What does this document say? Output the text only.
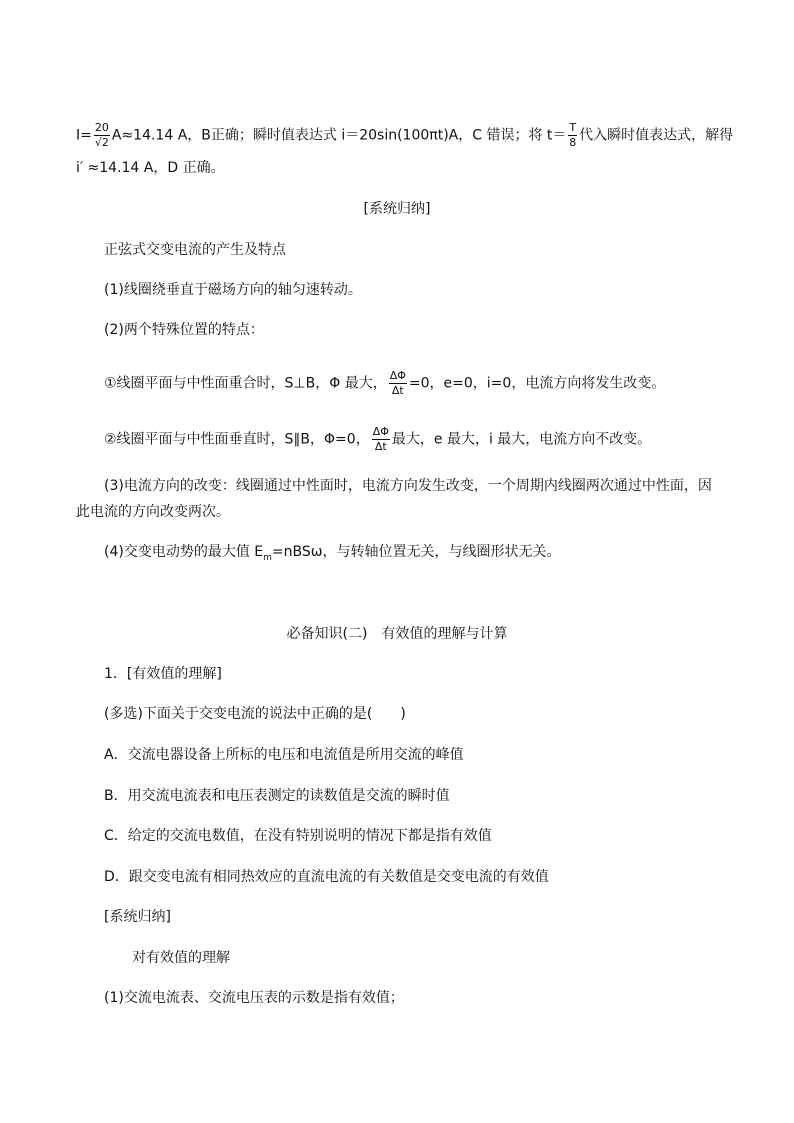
$I= \frac{20}{√2} A\approx 14.14$ A，B正确；瞬时值表达式 i＝20sin(100πt)A，C 错误；将 $t= \frac{T}{8}$ 代入瞬时值表达式，解得
i′ ≈14.14 A，D 正确。
[系统归纳]
正弦式交变电流的产生及特点
(1)线圈绕垂直于磁场方向的轴匀速转动。
(2)两个特殊位置的特点：
①线圈平面与中性面重合时，S⊥B，Φ 最大， $\frac{\Delta\Phi}{\Delta t} =0$，e=0，i=0，电流方向将发生改变。
②线圈平面与中性面垂直时，S∥B，Φ=0， $\frac{\Delta\Phi}{\Delta t}$ 最大，e 最大，i 最大，电流方向不改变。
(3)电流方向的改变：线圈通过中性面时，电流方向发生改变，一个周期内线圈两次通过中性面，因
此电流的方向改变两次。
(4)交变电动势的最大值 $E_m=nBS\omega$，与转轴位置无关，与线圈形状无关。
必备知识(二)　有效值的理解与计算
1．[有效值的理解]
(多选)下面关于交变电流的说法中正确的是(　　)
A．交流电器设备上所标的电压和电流值是所用交流的峰值
B．用交流电流表和电压表测定的读数值是交流的瞬时值
C．给定的交流电数值，在没有特别说明的情况下都是指有效值
D．跟交变电流有相同热效应的直流电流的有关数值是交变电流的有效值
[系统归纳]
对有效值的理解
(1)交流电流表、交流电压表的示数是指有效值；
